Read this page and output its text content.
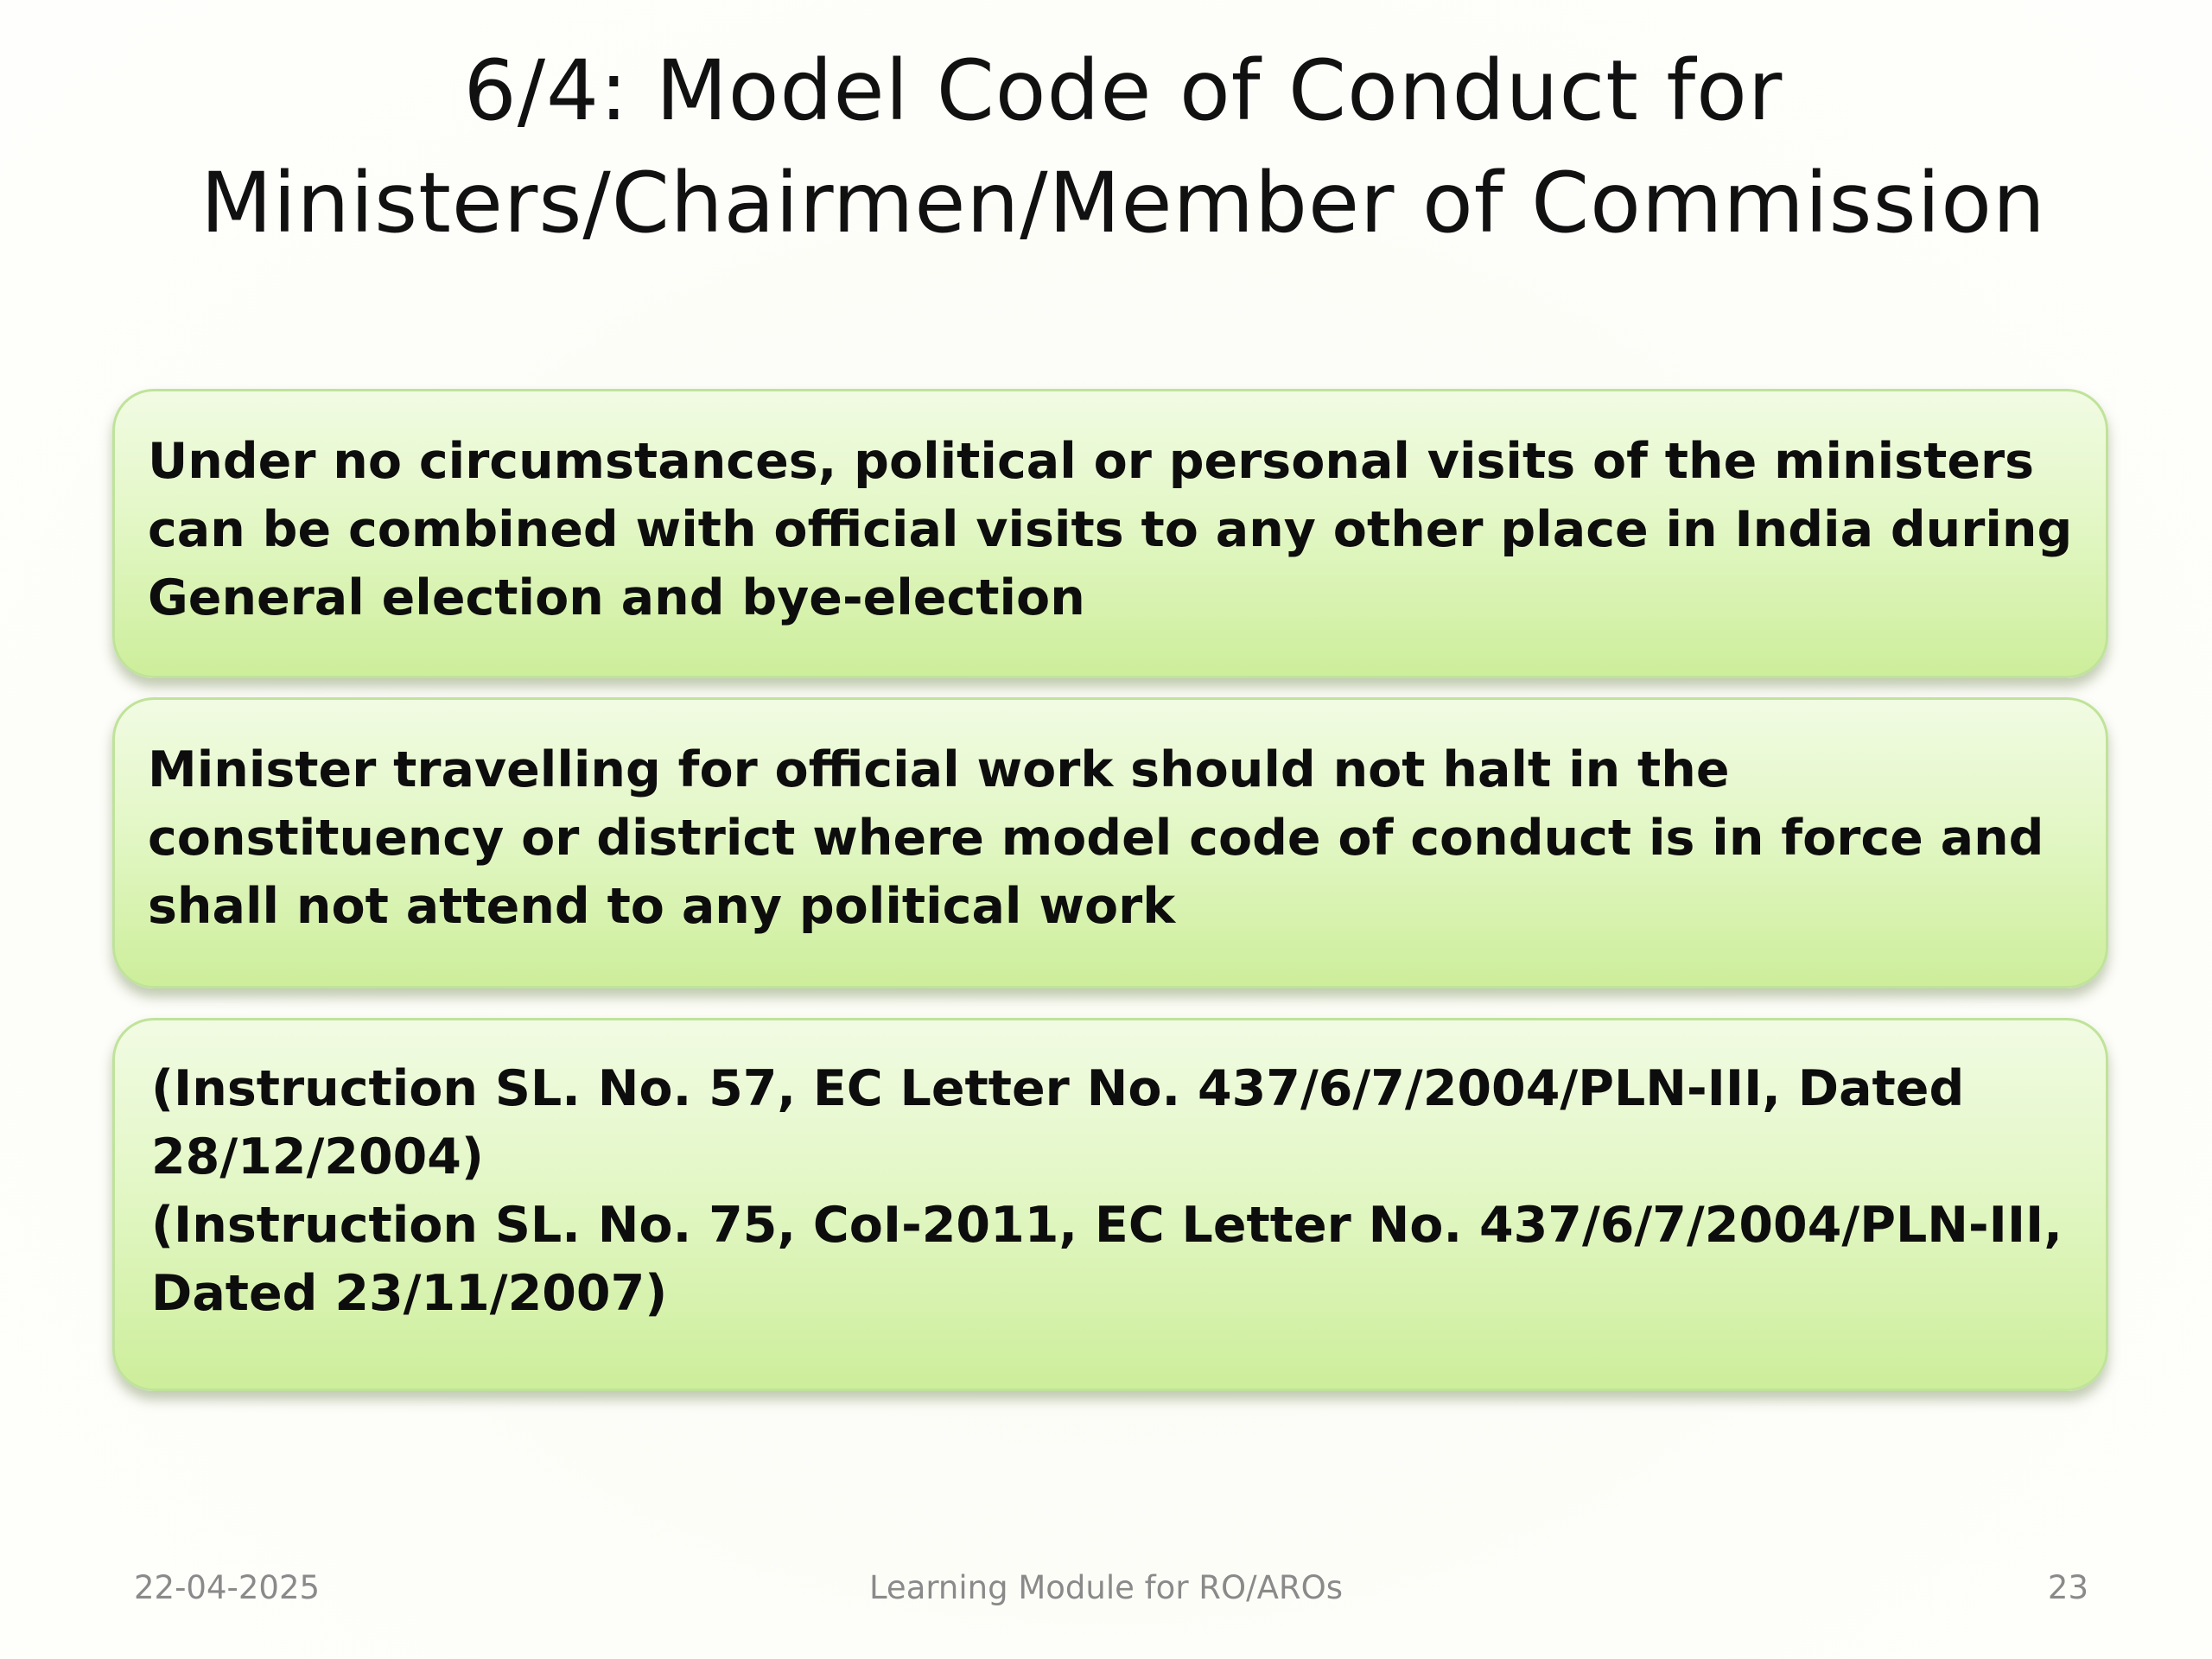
6/4: Model Code of Conduct for
Ministers/Chairmen/Member of Commission

Under no circumstances, political or personal visits of the ministers can be combined with official visits to any other place in India during General election and bye-election

Minister travelling for official work should not halt in the constituency or district where model code of conduct is in force and shall not attend to any political work

(Instruction SL. No. 57, EC Letter No. 437/6/7/2004/PLN-III, Dated 28/12/2004)

(Instruction SL. No. 75, CoI-2011, EC Letter No. 437/6/7/2004/PLN-III, Dated 23/11/2007)

22-04-2025	Learning Module for RO/AROs	23
